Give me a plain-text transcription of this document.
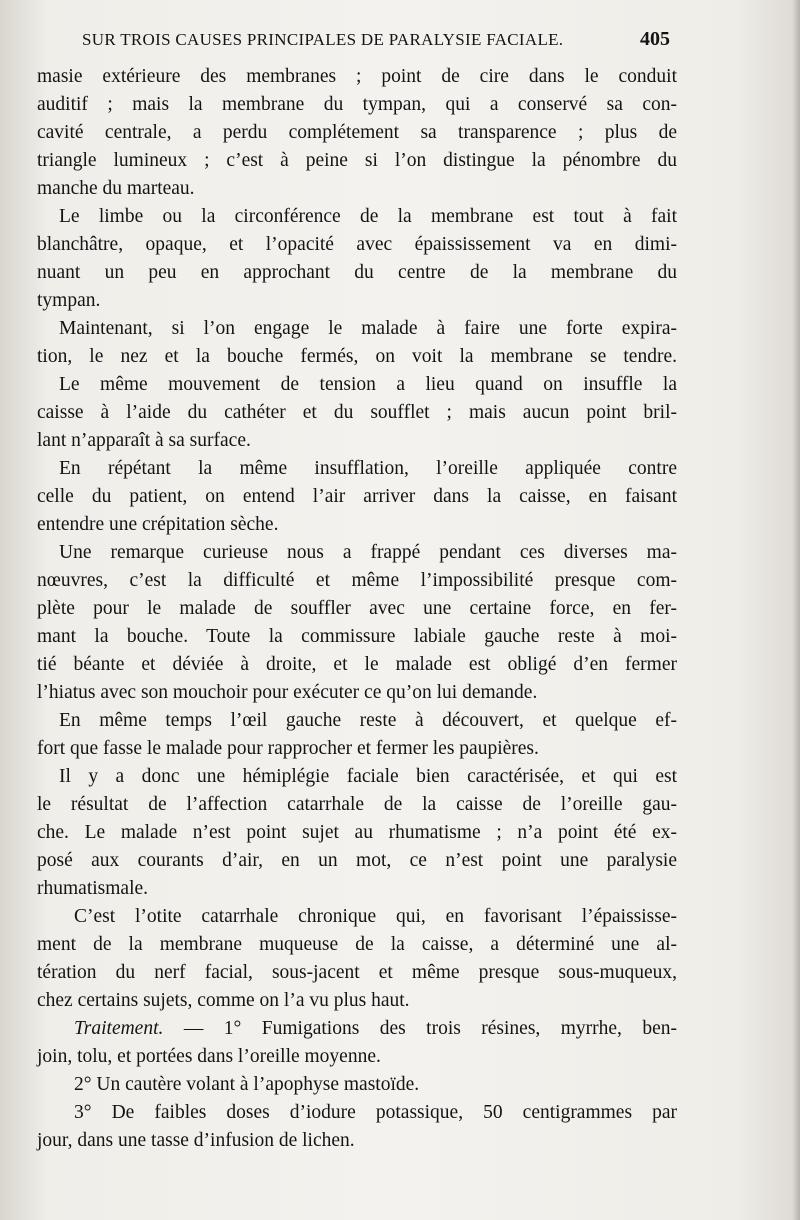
SUR TROIS CAUSES PRINCIPALES DE PARALYSIE FACIALE.	405
masie extérieure des membranes ; point de cire dans le conduit
auditif ; mais la membrane du tympan, qui a conservé sa con-
cavité centrale, a perdu complétement sa transparence ; plus de
triangle lumineux ; c’est à peine si l’on distingue la pénombre du
manche du marteau.
Le limbe ou la circonférence de la membrane est tout à fait
blanchâtre, opaque, et l’opacité avec épaississement va en dimi-
nuant un peu en approchant du centre de la membrane du
tympan.
Maintenant, si l’on engage le malade à faire une forte expira-
tion, le nez et la bouche fermés, on voit la membrane se tendre.
Le même mouvement de tension a lieu quand on insuffle la
caisse à l’aide du cathéter et du soufflet ; mais aucun point bril-
lant n’apparaît à sa surface.
En répétant la même insufflation, l’oreille appliquée contre
celle du patient, on entend l’air arriver dans la caisse, en faisant
entendre une crépitation sèche.
Une remarque curieuse nous a frappé pendant ces diverses ma-
nœuvres, c’est la difficulté et même l’impossibilité presque com-
plète pour le malade de souffler avec une certaine force, en fer-
mant la bouche. Toute la commissure labiale gauche reste à moi-
tié béante et déviée à droite, et le malade est obligé d’en fermer
l’hiatus avec son mouchoir pour exécuter ce qu’on lui demande.
En même temps l’œil gauche reste à découvert, et quelque ef-
fort que fasse le malade pour rapprocher et fermer les paupières.
Il y a donc une hémiplégie faciale bien caractérisée, et qui est
le résultat de l’affection catarrhale de la caisse de l’oreille gau-
che. Le malade n’est point sujet au rhumatisme ; n’a point été ex-
posé aux courants d’air, en un mot, ce n’est point une paralysie
rhumatismale.
C’est l’otite catarrhale chronique qui, en favorisant l’épaississe-
ment de la membrane muqueuse de la caisse, a déterminé une al-
tération du nerf facial, sous-jacent et même presque sous-muqueux,
chez certains sujets, comme on l’a vu plus haut.
Traitement. — 1° Fumigations des trois résines, myrrhe, ben-
join, tolu, et portées dans l’oreille moyenne.
2° Un cautère volant à l’apophyse mastoïde.
3° De faibles doses d’iodure potassique, 50 centigrammes par
jour, dans une tasse d’infusion de lichen.
